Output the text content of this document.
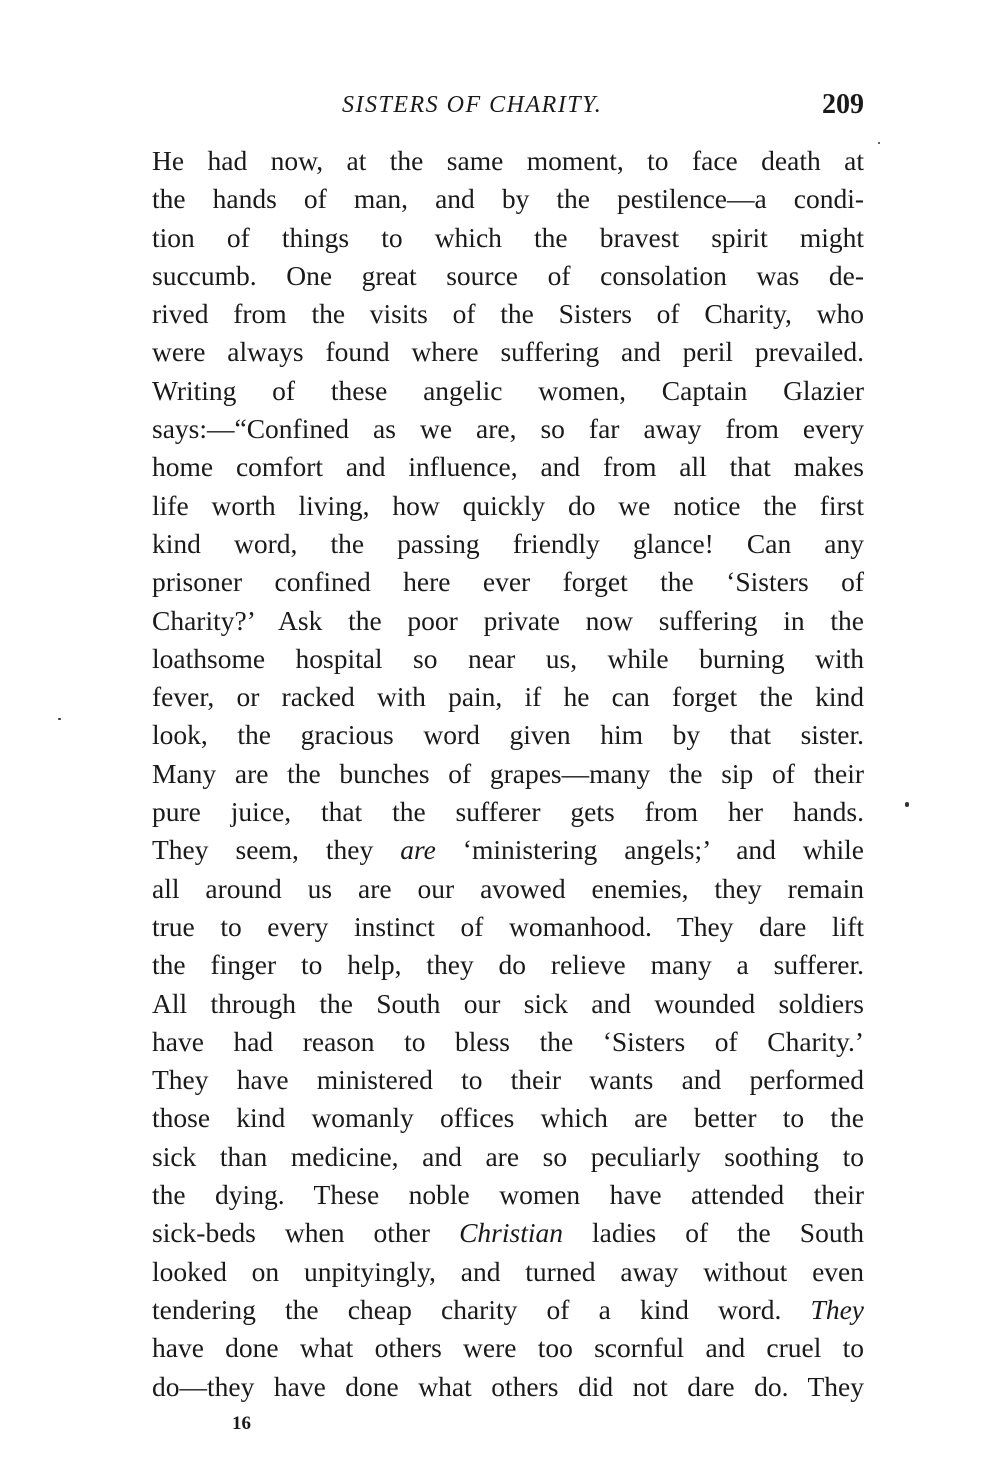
SISTERS OF CHARITY.	209
He had now, at the same moment, to face death at
the hands of man, and by the pestilence—a condi-
tion of things to which the bravest spirit might
succumb. One great source of consolation was de-
rived from the visits of the Sisters of Charity, who
were always found where suffering and peril prevailed.
Writing of these angelic women, Captain Glazier
says:—“Confined as we are, so far away from every
home comfort and influence, and from all that makes
life worth living, how quickly do we notice the first
kind word, the passing friendly glance! Can any
prisoner confined here ever forget the ‘Sisters of
Charity?’ Ask the poor private now suffering in the
loathsome hospital so near us, while burning with
fever, or racked with pain, if he can forget the kind
look, the gracious word given him by that sister.
Many are the bunches of grapes—many the sip of their
pure juice, that the sufferer gets from her hands.
They seem, they are ‘ministering angels;’ and while
all around us are our avowed enemies, they remain
true to every instinct of womanhood. They dare lift
the finger to help, they do relieve many a sufferer.
All through the South our sick and wounded soldiers
have had reason to bless the ‘Sisters of Charity.’
They have ministered to their wants and performed
those kind womanly offices which are better to the
sick than medicine, and are so peculiarly soothing to
the dying. These noble women have attended their
sick-beds when other Christian ladies of the South
looked on unpityingly, and turned away without even
tendering the cheap charity of a kind word. They
have done what others were too scornful and cruel to
do—they have done what others did not dare do. They
16
